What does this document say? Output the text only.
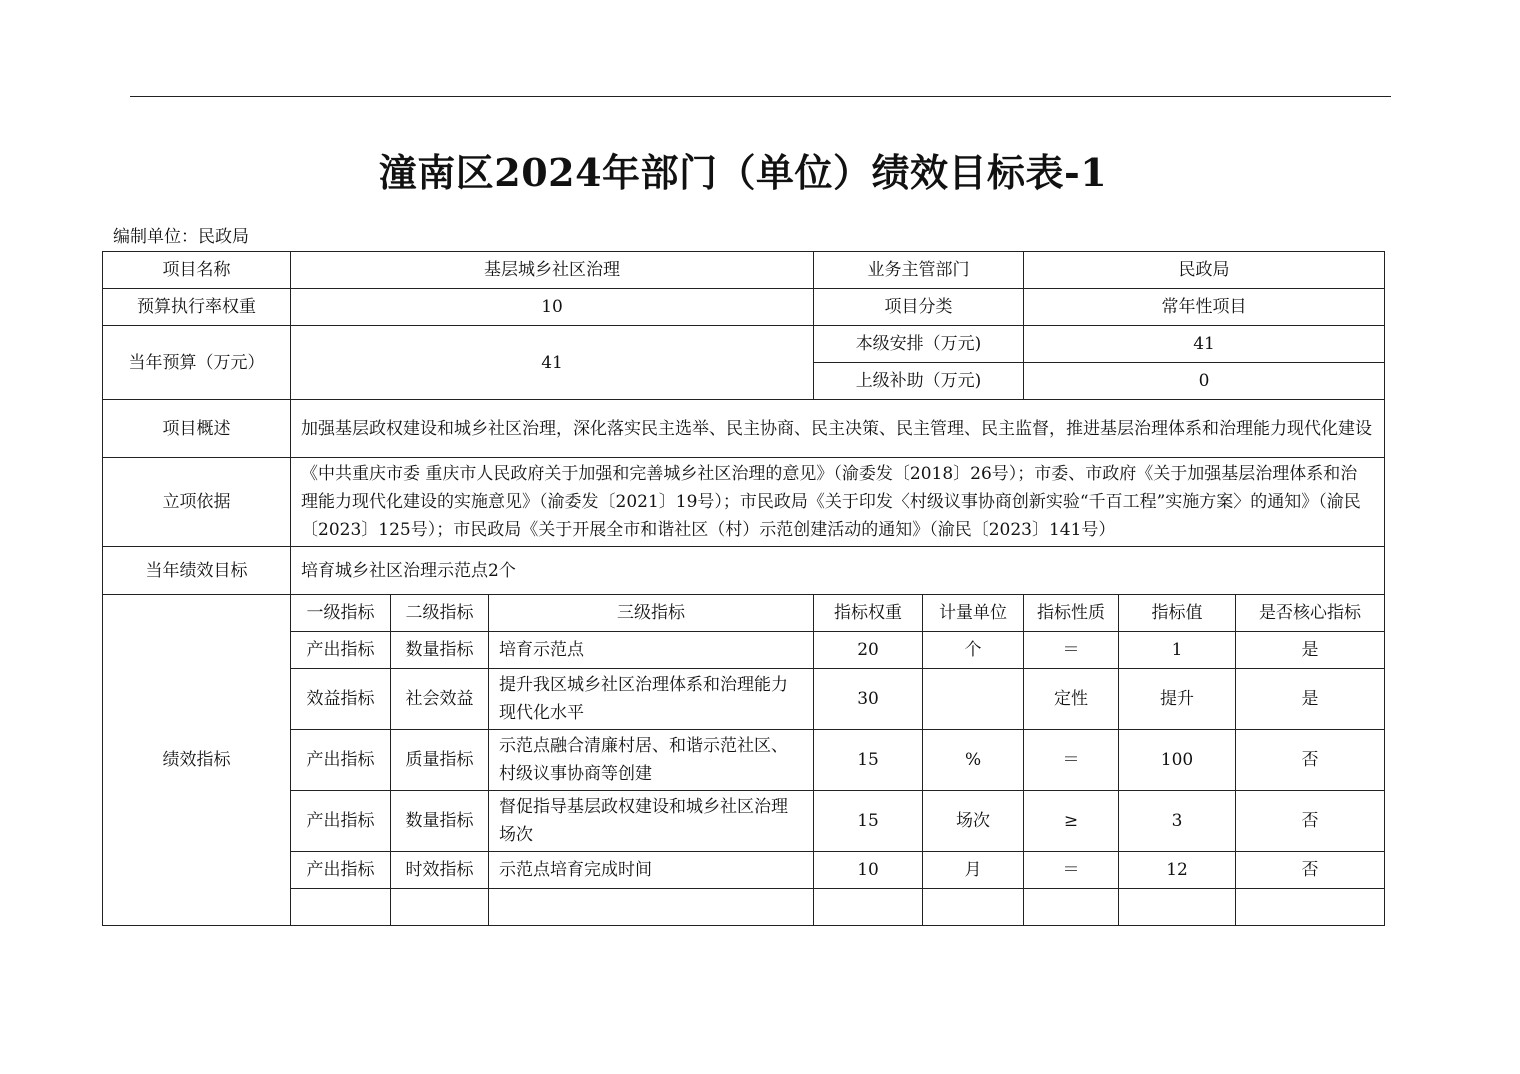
潼南区2024年部门（单位）绩效目标表-1
编制单位：民政局
项目名称	基层城乡社区治理			业务主管部门		民政局		
预算执行率权重	10			项目分类		常年性项目		
当年预算（万元）	41			本级安排（万元)		41		
				上级补助（万元)		0		
项目概述	加强基层政权建设和城乡社区治理，深化落实民主选举、民主协商、民主决策、民主管理、民主监督，推进基层治理体系和治理能力现代化建设							
立项依据	《中共重庆市委 重庆市人民政府关于加强和完善城乡社区治理的意见》（渝委发〔2018〕26号）；市委、市政府《关于加强基层治理体系和治理能力现代化建设的实施意见》（渝委发〔2021〕19号）；市民政局《关于印发〈村级议事协商创新实验“千百工程”实施方案〉的通知》（渝民〔2023〕125号）；市民政局《关于开展全市和谐社区（村）示范创建活动的通知》（渝民〔2023〕141号）							
当年绩效目标	培育城乡社区治理示范点2个							
绩效指标	一级指标	二级指标	三级指标	指标权重	计量单位	指标性质	指标值	是否核心指标
	产出指标	数量指标	培育示范点	20	个	＝	1	是
	效益指标	社会效益	提升我区城乡社区治理体系和治理能力现代化水平	30		定性	提升	是
	产出指标	质量指标	示范点融合清廉村居、和谐示范社区、村级议事协商等创建	15	%	＝	100	否
	产出指标	数量指标	督促指导基层政权建设和城乡社区治理场次	15	场次	≥	3	否
	产出指标	时效指标	示范点培育完成时间	10	月	＝	12	否
